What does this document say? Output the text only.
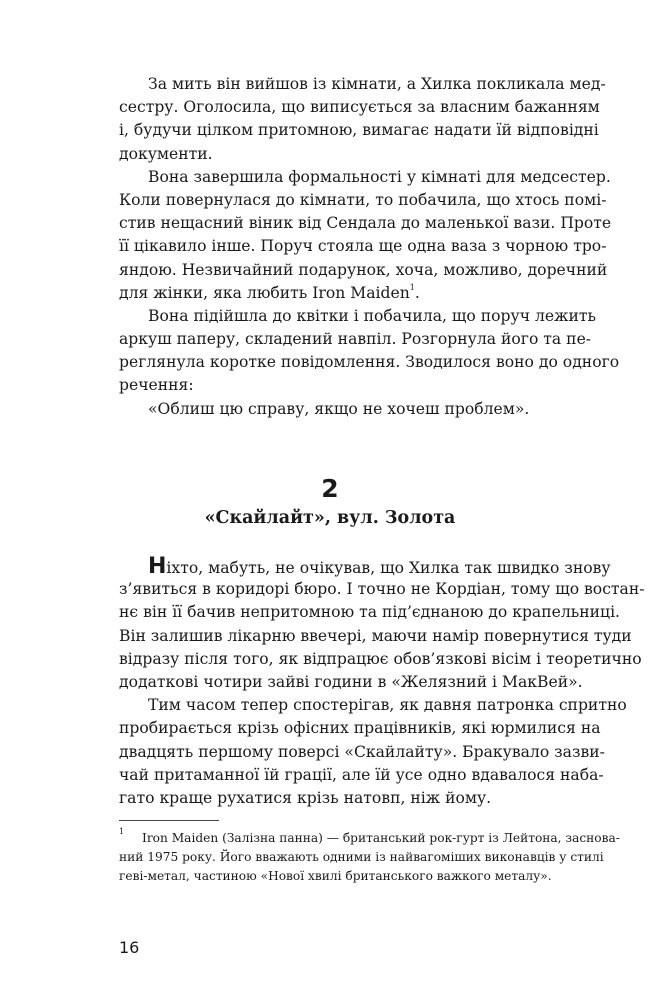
За мить він вийшов із кімнати, а Хилка покликала мед-
сестру. Оголосила, що виписується за власним бажанням
і, будучи цілком притомною, вимагає надати їй відповідні
документи.
Вона завершила формальності у кімнаті для медсестер.
Коли повернулася до кімнати, то побачила, що хтось помі-
стив нещасний віник від Сендала до маленької вази. Проте
її цікавило інше. Поруч стояла ще одна ваза з чорною тро-
яндою. Незвичайний подарунок, хоча, можливо, доречний
для жінки, яка любить Iron Maiden$^1$.
Вона підійшла до квітки і побачила, що поруч лежить
аркуш паперу, складений навпіл. Розгорнула його та пе-
реглянула коротке повідомлення. Зводилося воно до одного
речення:
«Облиш цю справу, якщо не хочеш проблем».
2
«Скайлайт», вул. Золота
Ніхто, мабуть, не очікував, що Хилка так швидко знову
з’явиться в коридорі бюро. І точно не Кордіан, тому що востан-
нє він її бачив непритомною та під’єднаною до крапельниці.
Він залишив лікарню ввечері, маючи намір повернутися туди
відразу після того, як відпрацює обов’язкові вісім і теоретично
додаткові чотири зайві години в «Желязний і МакВей».
Тим часом тепер спостерігав, як давня патронка спритно
пробирається крізь офісних працівників, які юрмилися на
двадцять першому поверсі «Скайлайту». Бракувало зазви-
чай притаманної їй грації, але їй усе одно вдавалося наба-
гато краще рухатися крізь натовп, ніж йому.
1	Iron Maiden (Залізна панна) — британський рок-гурт із Лейтона, заснова-
ний 1975 року. Його вважають одними із найвагоміших виконавців у стилі
геві-метал, частиною «Нової хвилі британського важкого металу».
16
